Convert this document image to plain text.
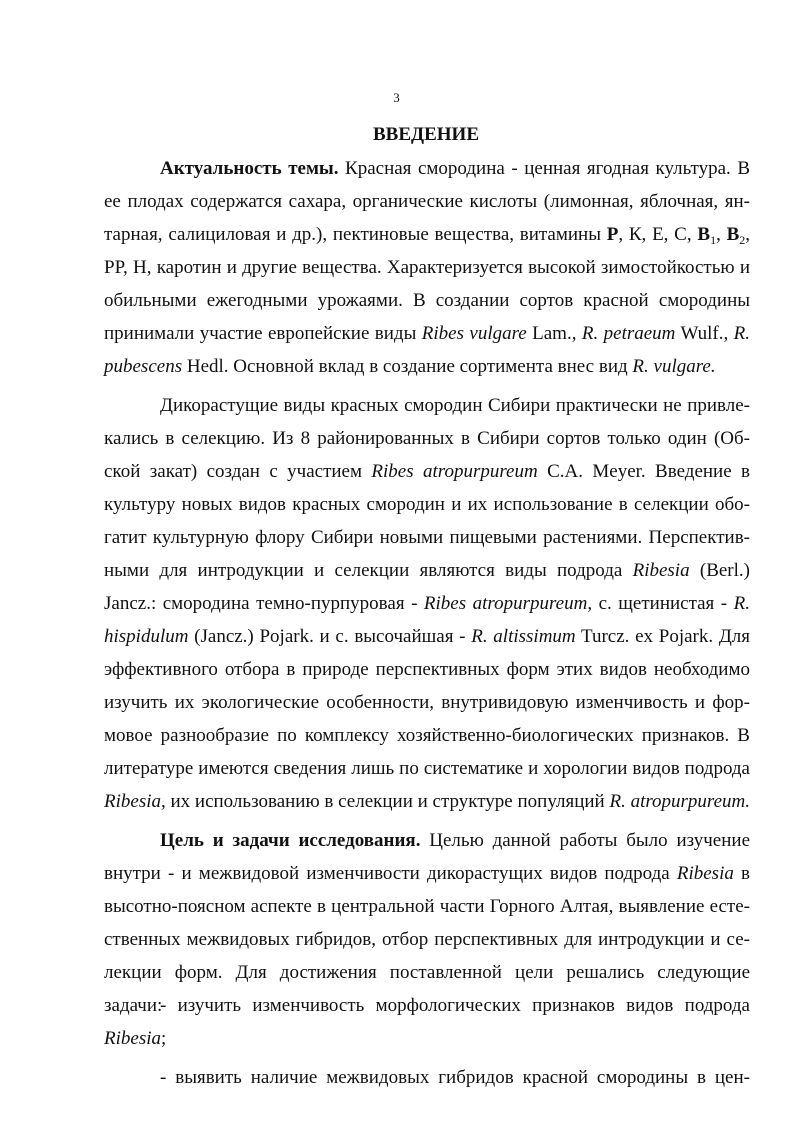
3
ВВЕДЕНИЕ
Актуальность темы. Красная смородина - ценная ягодная культура. В
ее плодах содержатся сахара, органические кислоты (лимонная, яблочная, ян-
тарная, салициловая и др.), пектиновые вещества, витамины P, К, Е, С, $B_1$, $B_2$,
PP, H, каротин и другие вещества. Характеризуется высокой зимостойкостью и
обильными ежегодными урожаями. В создании сортов красной смородины
принимали участие европейские виды Ribes vulgare Lam., R. petraeum Wulf., R.
pubescens Hedl. Основной вклад в создание сортимента внес вид R. vulgare.
Дикорастущие виды красных смородин Сибири практически не привле-
кались в селекцию. Из 8 районированных в Сибири сортов только один (Об-
ской закат) создан с участием Ribes atropurpureum C.A. Meyer. Введение в
культуру новых видов красных смородин и их использование в селекции обо-
гатит культурную флору Сибири новыми пищевыми растениями. Перспектив-
ными для интродукции и селекции являются виды подрода Ribesia (Berl.)
Jancz.: смородина темно-пурпуровая - Ribes atropurpureum, с. щетинистая - R.
hispidulum (Jancz.) Pojark. и с. высочайшая - R. altissimum Turcz. ex Pojark. Для
эффективного отбора в природе перспективных форм этих видов необходимо
изучить их экологические особенности, внутривидовую изменчивость и фор-
мовое разнообразие по комплексу хозяйственно-биологических признаков. В
литературе имеются сведения лишь по систематике и хорологии видов подрода
Ribesia, их использованию в селекции и структуре популяций R. atropurpureum.
Цель и задачи исследования. Целью данной работы было изучение
внутри - и межвидовой изменчивости дикорастущих видов подрода Ribesia в
высотно-поясном аспекте в центральной части Горного Алтая, выявление есте-
ственных межвидовых гибридов, отбор перспективных для интродукции и се-
лекции форм. Для достижения поставленной цели решались следующие задачи:
- изучить изменчивость морфологических признаков видов подрода
Ribesia;
- выявить наличие межвидовых гибридов красной смородины в цен-
